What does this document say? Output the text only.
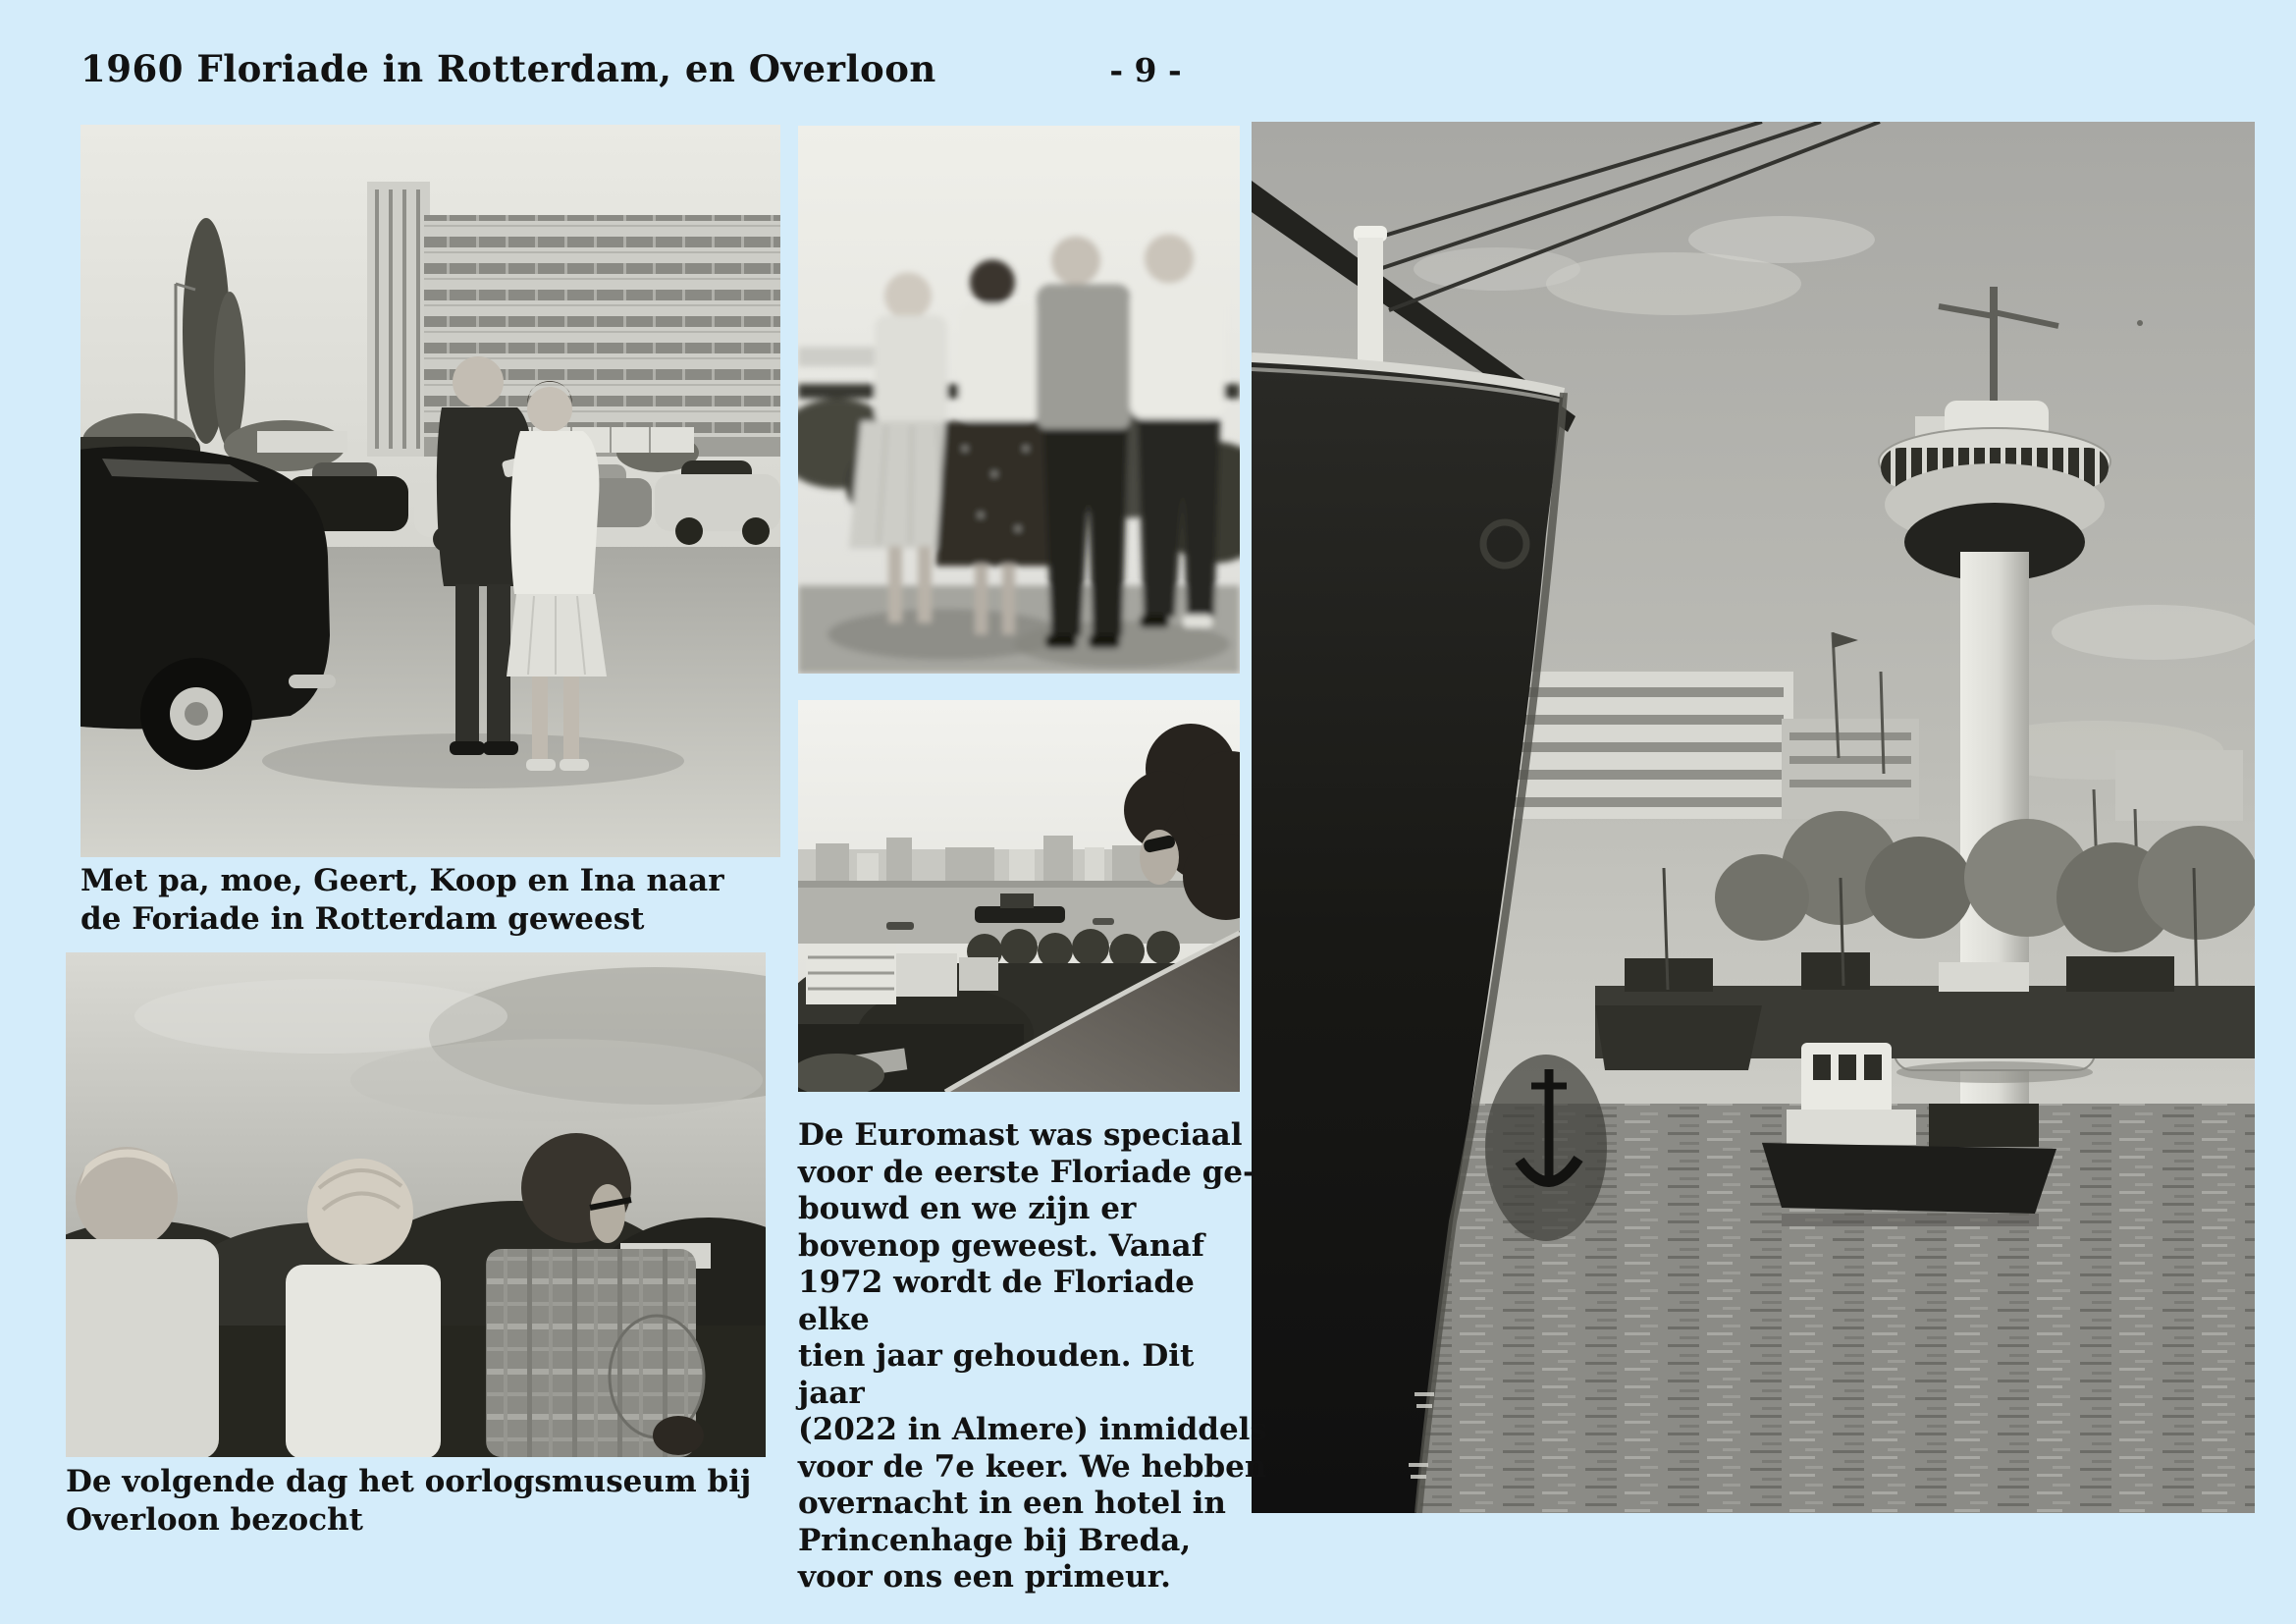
1960 Floriade in Rotterdam, en Overloon	- 9 -
Met pa, moe, Geert, Koop en Ina naar
de Foriade in Rotterdam geweest
De volgende dag het oorlogsmuseum bij
Overloon bezocht
De Euromast was speciaal
voor de eerste Floriade ge-
bouwd en we zijn er
bovenop geweest. Vanaf
1972 wordt de Floriade elke
tien jaar gehouden. Dit jaar
(2022 in Almere) inmiddels
voor de 7e keer. We hebben
overnacht in een hotel in
Princenhage bij Breda,
voor ons een primeur.
